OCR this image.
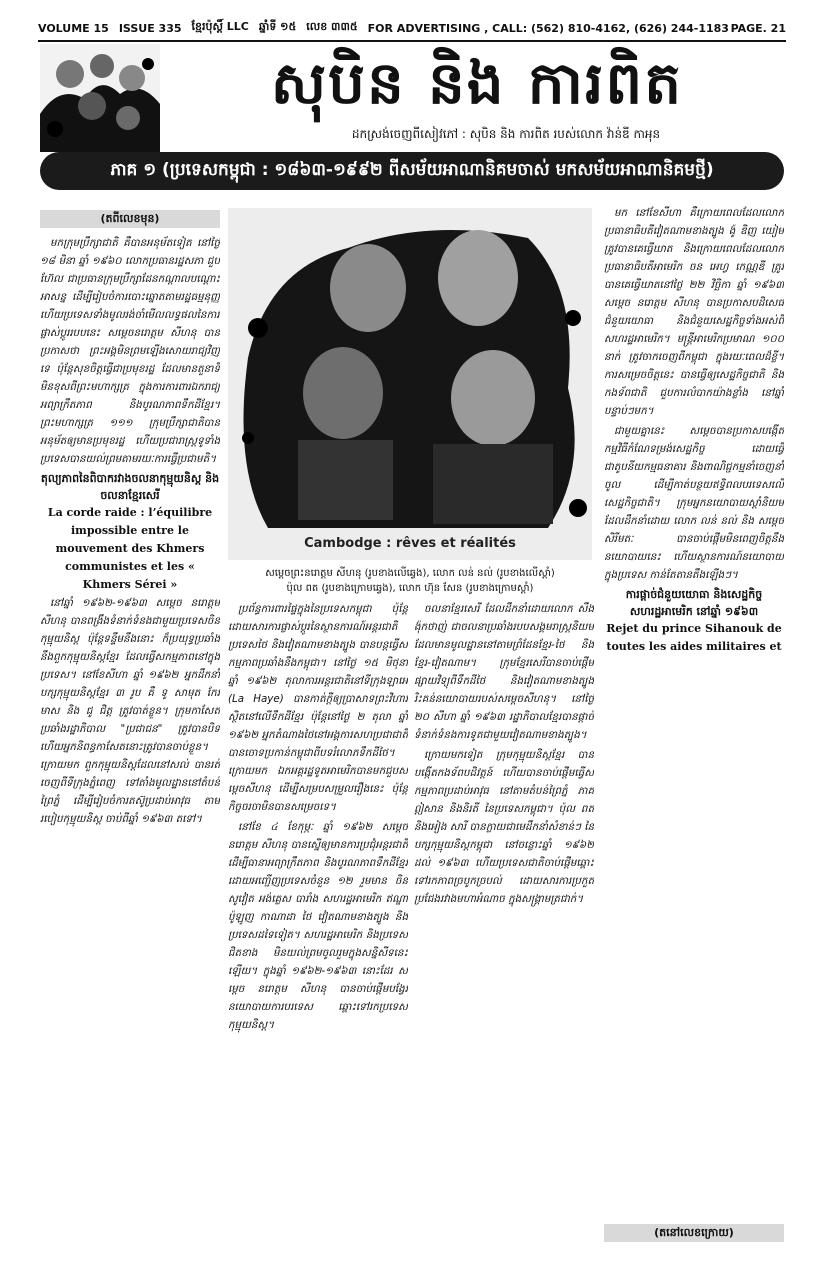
VOLUME 15 ISSUE 335 ខ្មែរប៉ុស្តិ៍ LLC ឆ្នាំទី ១៥ លេខ ៣៣៥ FOR ADVERTISING , CALL: (562) 810-4162, (626) 244-1183 PAGE. 21
សុបិន និង ការពិត
ដកស្រង់ចេញពីសៀវភៅ : សុបិន និង ការពិត របស់លោក វ៉ាន់ឌី កាអុន
ភាគ ១ (ប្រទេសកម្ពុជា : ១៨៦៣-១៩៩២ ពីសម័យអាណានិគមចាស់ មកសម័យអាណានិគមថ្មី)
(តពីលេខមុន)

មកក្រុមប្រឹក្សាជាតិ គឺបានអនុម័តទៀត នៅថ្ងៃ ១៨ មិនា ឆ្នាំ ១៩៦០ លោកប្រធានរដ្ឋសភា ជួប ហ៊ែល ជាប្រធានក្រុមប្រឹក្សាដែនកណ្តាលបណ្តោះអាសន្ន ដើម្បីរៀបចំការបោះឆ្នោតតាមរដ្ឋធម្មនុញ្ញ ហើយប្រទេសទាំងមូលរង់ចាំមើលលទ្ធផលនៃការផ្លាស់ប្តូររបបនេះ សម្តេចនរោត្តម សីហនុ បានប្រកាសថា ព្រះអង្គមិនព្រមឡើងសោយរាជ្យវិញទេ ប៉ុន្តែសុខចិត្តធ្វើជាប្រមុខរដ្ឋ ដែលមានតួនាទីមិនខុសពីព្រះមហាក្សត្រ ក្នុងការការពារឯករាជ្យ អព្យាក្រឹតភាព និងបូរណភាពទឹកដីខ្មែរ។ ព្រះមហាក្សត្រ ១១១ ក្រុមប្រឹក្សាជាតិបានអនុម័តឲ្យមានប្រមុខរដ្ឋ ហើយប្រជារាស្ត្រទូទាំងប្រទេសបានយល់ព្រមតាមរយៈការធ្វើប្រជាមតិ។

តុល្យភាពនៃពិបាករវាងចលនាកុម្មុយនិស្ត និងចលនាខ្មែរសេរី
La corde raide : l’équilibre impossible entre le mouvement des Khmers communistes et les « Khmers Sérei »

នៅឆ្នាំ ១៩៦២-១៩៦៣ សម្តេច នរោត្តម សីហនុ បានពង្រឹងទំនាក់ទំនងជាមួយប្រទេសចិនកុម្មុយនិស្ត ប៉ុន្តែទន្ទឹមនឹងនោះ ក៏ប្រយុទ្ធប្រឆាំងនឹងពួកកុម្មុយនិស្តខ្មែរ ដែលធ្វើសកម្មភាពនៅក្នុងប្រទេស។ នៅខែសីហា ឆ្នាំ ១៩៦២ អ្នកដឹកនាំបក្សកុម្មុយនិស្តខ្មែរ ៣ រូប គឺ ទូ សាមុត កែវ មាស និង ជូ ជិត្ត ត្រូវបាត់ខ្លួន។ ក្រុមកាសែតប្រឆាំងរដ្ឋាភិបាល "ប្រជាជន" ត្រូវបានបិទ ហើយអ្នកនិពន្ធកាសែតនោះត្រូវបានចាប់ខ្លួន។ ក្រោយមក ពួកកុម្មុយនិស្តដែលនៅសល់ បានរត់ចេញពីទីក្រុងភ្នំពេញ ទៅតាំងមូលដ្ឋាននៅតំបន់ព្រៃភ្នំ ដើម្បីរៀបចំការតស៊ូប្រដាប់អាវុធ តាមរបៀបកុម្មុយនិស្ត ចាប់ពីឆ្នាំ ១៩៦៣ តទៅ។

Cambodge : rêves et réalités
សម្តេចព្រះនរោត្តម សីហនុ (រូបខាងលើឆ្វេង), លោក លន់ នល់ (រូបខាងលើស្តាំ)
ប៉ុល ពត (រូបខាងក្រោមឆ្វេង), លោក ហ៊ុន សែន (រូបខាងក្រោមស្តាំ)

ប្រព័ន្ធការពារផ្ទៃក្នុងនៃប្រទេសកម្ពុជា ប៉ុន្តែដោយសារការផ្លាស់ប្តូរនៃស្ថានការណ៍អន្តរជាតិ ប្រទេសថៃ និងវៀតណាមខាងត្បូង បានបន្តធ្វើសកម្មភាពប្រឆាំងនឹងកម្ពុជា។ នៅថ្ងៃ ១៥ មិថុនា ឆ្នាំ ១៩៦២ តុលាការអន្តរជាតិនៅទីក្រុងឡាអេ (La Haye) បានកាត់ក្តីឲ្យប្រាសាទព្រះវិហារ ស្ថិតនៅលើទឹកដីខ្មែរ ប៉ុន្តែនៅថ្ងៃ ២ តុលា ឆ្នាំ ១៩៦២ អ្នកតំណាងថៃនៅអង្គការសហប្រជាជាតិ បានចោទប្រកាន់កម្ពុជាពីបទរំលោភទឹកដីថៃ។ ក្រោយមក ឯកអគ្គរដ្ឋទូតអាមេរិកបានមកជួបសម្តេចសីហនុ ដើម្បីសម្របសម្រួលរឿងនេះ ប៉ុន្តែកិច្ចចរចាមិនបានសម្រេចទេ។

នៅខែ ៤ ខែកុម្ភៈ ឆ្នាំ ១៩៦២ សម្តេច នរោត្តម សីហនុ បានស្នើឲ្យមានការប្រជុំអន្តរជាតិ ដើម្បីធានាអព្យាក្រឹតភាព និងបូរណភាពទឹកដីខ្មែរ ដោយអញ្ជើញប្រទេសចំនួន ១២ រួមមាន ចិន សូវៀត អង់គ្លេស បារាំង សហរដ្ឋអាមេរិក ឥណ្ឌា ប៉ូឡូញ កាណាដា ថៃ វៀតណាមខាងត្បូង និងប្រទេសដទៃទៀត។ សហរដ្ឋអាមេរិក និងប្រទេសជិតខាង មិនយល់ព្រមចូលរួមក្នុងសន្និសីទនេះឡើយ។ ក្នុងឆ្នាំ ១៩៦២-១៩៦៣ នោះដែរ សម្តេច នរោត្តម សីហនុ បានចាប់ផ្តើមបង្វែរនយោបាយការបរទេស ឆ្ពោះទៅរកប្រទេសកុម្មុយនិស្ត។

ចលនាខ្មែរសេរី ដែលដឹកនាំដោយលោក សឺង ង៉ុកថាញ់ ជាចលនាប្រឆាំងរបបសង្គមរាស្ត្រនិយម ដែលមានមូលដ្ឋាននៅតាមព្រំដែនខ្មែរ-ថៃ និងខ្មែរ-វៀតណាម។ ក្រុមខ្មែរសេរីបានចាប់ផ្តើមផ្សាយវិទ្យុពីទឹកដីថៃ និងវៀតណាមខាងត្បូង រិះគន់នយោបាយរបស់សម្តេចសីហនុ។ នៅថ្ងៃ ២០ សីហា ឆ្នាំ ១៩៦៣ រដ្ឋាភិបាលខ្មែរបានផ្តាច់ទំនាក់ទំនងការទូតជាមួយវៀតណាមខាងត្បូង។

ក្រោយមកទៀត ក្រុមកុម្មុយនិស្តខ្មែរ បានបង្កើតកងទ័ពបដិវត្តន៍ ហើយបានចាប់ផ្តើមធ្វើសកម្មភាពប្រដាប់អាវុធ នៅតាមតំបន់ព្រៃភ្នំ ភាគឦសាន និងនិរតី នៃប្រទេសកម្ពុជា។ ប៉ុល ពត និងអៀង សារី បានក្លាយជាមេដឹកនាំសំខាន់ៗ នៃបក្សកុម្មុយនិស្តកម្ពុជា នៅចន្លោះឆ្នាំ ១៩៦២ ដល់ ១៩៦៣ ហើយប្រទេសជាតិចាប់ផ្តើមឆ្ពោះទៅរកភាពច្របូកច្របល់ ដោយសារការប្រកួតប្រជែងរវាងមហាអំណាច ក្នុងសង្គ្រាមត្រជាក់។

មក នៅខែសីហា គឺក្រោយពេលដែលលោកប្រធានាធិបតីវៀតណាមខាងត្បូង ង៉ូ ឌិញ យៀម ត្រូវបានគេធ្វើឃាត និងក្រោយពេលដែលលោកប្រធានាធិបតីអាមេរិក ចន អេហ្វ កេណ្ណឌី ត្រូវបានគេធ្វើឃាតនៅថ្ងៃ ២២ វិច្ឆិកា ឆ្នាំ ១៩៦៣ សម្តេច នរោត្តម សីហនុ បានប្រកាសបដិសេធជំនួយយោធា និងជំនួយសេដ្ឋកិច្ចទាំងអស់ពីសហរដ្ឋអាមេរិក។ មន្ត្រីអាមេរិកប្រមាណ ១០០ នាក់ ត្រូវចាកចេញពីកម្ពុជា ក្នុងរយៈពេលដ៏ខ្លី។ ការសម្រេចចិត្តនេះ បានធ្វើឲ្យសេដ្ឋកិច្ចជាតិ និងកងទ័ពជាតិ ជួបការលំបាកយ៉ាងខ្លាំង នៅឆ្នាំបន្ទាប់ៗមក។

ជាមួយគ្នានេះ សម្តេចបានប្រកាសបង្កើតកម្មវិធីកំណែទម្រង់សេដ្ឋកិច្ច ដោយធ្វើជាតូបនីយកម្មធនាគារ និងពាណិជ្ជកម្មនាំចេញនាំចូល ដើម្បីកាត់បន្ថយឥទ្ធិពលបរទេសលើសេដ្ឋកិច្ចជាតិ។ ក្រុមអ្នកនយោបាយស្តាំនិយម ដែលដឹកនាំដោយ លោក លន់ នល់ និង សម្តេច សិរីមតៈ បានចាប់ផ្តើមមិនពេញចិត្តនឹងនយោបាយនេះ ហើយស្ថានការណ៍នយោបាយក្នុងប្រទេស កាន់តែតានតឹងឡើងៗ។

ការផ្តាច់ជំនួយយោធា និងសេដ្ឋកិច្ចសហរដ្ឋអាមេរិក នៅឆ្នាំ ១៩៦៣
Rejet du prince Sihanouk de toutes les aides militaires et
(តនៅលេខក្រោយ)
